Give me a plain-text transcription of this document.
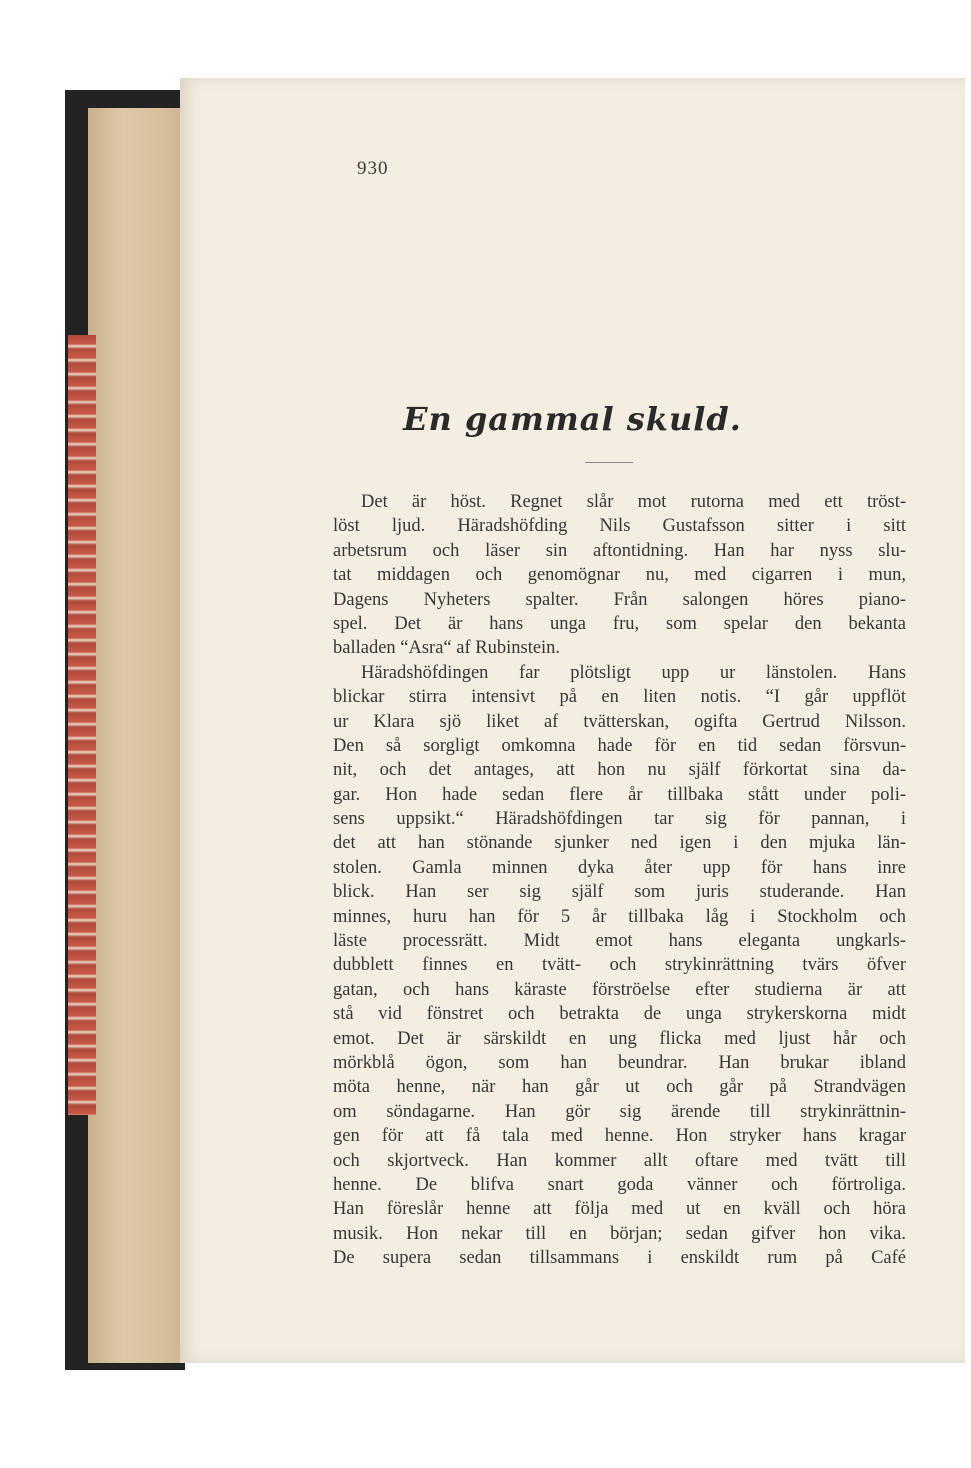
930
En gammal skuld.
Det är höst. Regnet slår mot rutorna med ett tröst-
löst ljud. Häradshöfding Nils Gustafsson sitter i sitt
arbetsrum och läser sin aftontidning. Han har nyss slu-
tat middagen och genomögnar nu, med cigarren i mun,
Dagens Nyheters spalter. Från salongen höres piano-
spel. Det är hans unga fru, som spelar den bekanta
balladen “Asra“ af Rubinstein.
Häradshöfdingen far plötsligt upp ur länstolen. Hans
blickar stirra intensivt på en liten notis. “I går uppflöt
ur Klara sjö liket af tvätterskan, ogifta Gertrud Nilsson.
Den så sorgligt omkomna hade för en tid sedan försvun-
nit, och det antages, att hon nu själf förkortat sina da-
gar. Hon hade sedan flere år tillbaka stått under poli-
sens uppsikt.“ Häradshöfdingen tar sig för pannan, i
det att han stönande sjunker ned igen i den mjuka län-
stolen. Gamla minnen dyka åter upp för hans inre
blick. Han ser sig själf som juris studerande. Han
minnes, huru han för 5 år tillbaka låg i Stockholm och
läste processrätt. Midt emot hans eleganta ungkarls-
dubblett finnes en tvätt- och strykinrättning tvärs öfver
gatan, och hans käraste förströelse efter studierna är att
stå vid fönstret och betrakta de unga strykerskorna midt
emot. Det är särskildt en ung flicka med ljust hår och
mörkblå ögon, som han beundrar. Han brukar ibland
möta henne, när han går ut och går på Strandvägen
om söndagarne. Han gör sig ärende till strykinrättnin-
gen för att få tala med henne. Hon stryker hans kragar
och skjortveck. Han kommer allt oftare med tvätt till
henne. De blifva snart goda vänner och förtroliga.
Han föreslår henne att följa med ut en kväll och höra
musik. Hon nekar till en början; sedan gifver hon vika.
De supera sedan tillsammans i enskildt rum på Café
